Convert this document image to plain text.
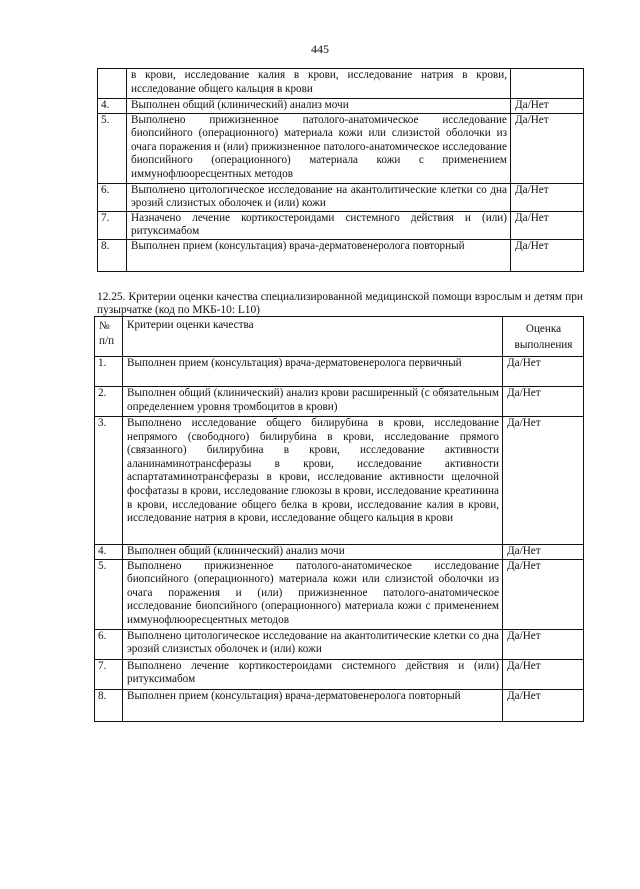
445
	в крови, исследование калия в крови, исследование натрия в крови, исследование общего кальция в крови	
4.	Выполнен общий (клинический) анализ мочи	Да/Нет
5.	Выполнено прижизненное патолого-анатомическое исследование биопсийного (операционного) материала кожи или слизистой оболочки из очага поражения и (или) прижизненное патолого-анатомическое исследование биопсийного (операционного) материала кожи с применением иммунофлюоресцентных методов	Да/Нет
6.	Выполнено цитологическое исследование на акантолитические клетки со дна эрозий слизистых оболочек и (или) кожи	Да/Нет
7.	Назначено лечение кортикостероидами системного действия и (или) ритуксимабом	Да/Нет
8.	Выполнен прием (консультация) врача-дерматовенеролога повторный	Да/Нет
12.25. Критерии оценки качества специализированной медицинской помощи взрослым и детям при пузырчатке (код по МКБ-10: L10)
№ п/п	Критерии оценки качества	Оценка выполнения
1.	Выполнен прием (консультация) врача-дерматовенеролога первичный	Да/Нет
2.	Выполнен общий (клинический) анализ крови расширенный (с обязательным определением уровня тромбоцитов в крови)	Да/Нет
3.	Выполнено исследование общего билирубина в крови, исследование непрямого (свободного) билирубина в крови, исследование прямого (связанного) билирубина в крови, исследование активности аланинаминотрансферазы в крови, исследование активности аспартатаминотрансферазы в крови, исследование активности щелочной фосфатазы в крови, исследование глюкозы в крови, исследование креатинина в крови, исследование общего белка в крови, исследование калия в крови, исследование натрия в крови, исследование общего кальция в крови	Да/Нет
4.	Выполнен общий (клинический) анализ мочи	Да/Нет
5.	Выполнено прижизненное патолого-анатомическое исследование биопсийного (операционного) материала кожи или слизистой оболочки из очага поражения и (или) прижизненное патолого-анатомическое исследование биопсийного (операционного) материала кожи с применением иммунофлюоресцентных методов	Да/Нет
6.	Выполнено цитологическое исследование на акантолитические клетки со дна эрозий слизистых оболочек и (или) кожи	Да/Нет
7.	Выполнено лечение кортикостероидами системного действия и (или) ритуксимабом	Да/Нет
8.	Выполнен прием (консультация) врача-дерматовенеролога повторный	Да/Нет
